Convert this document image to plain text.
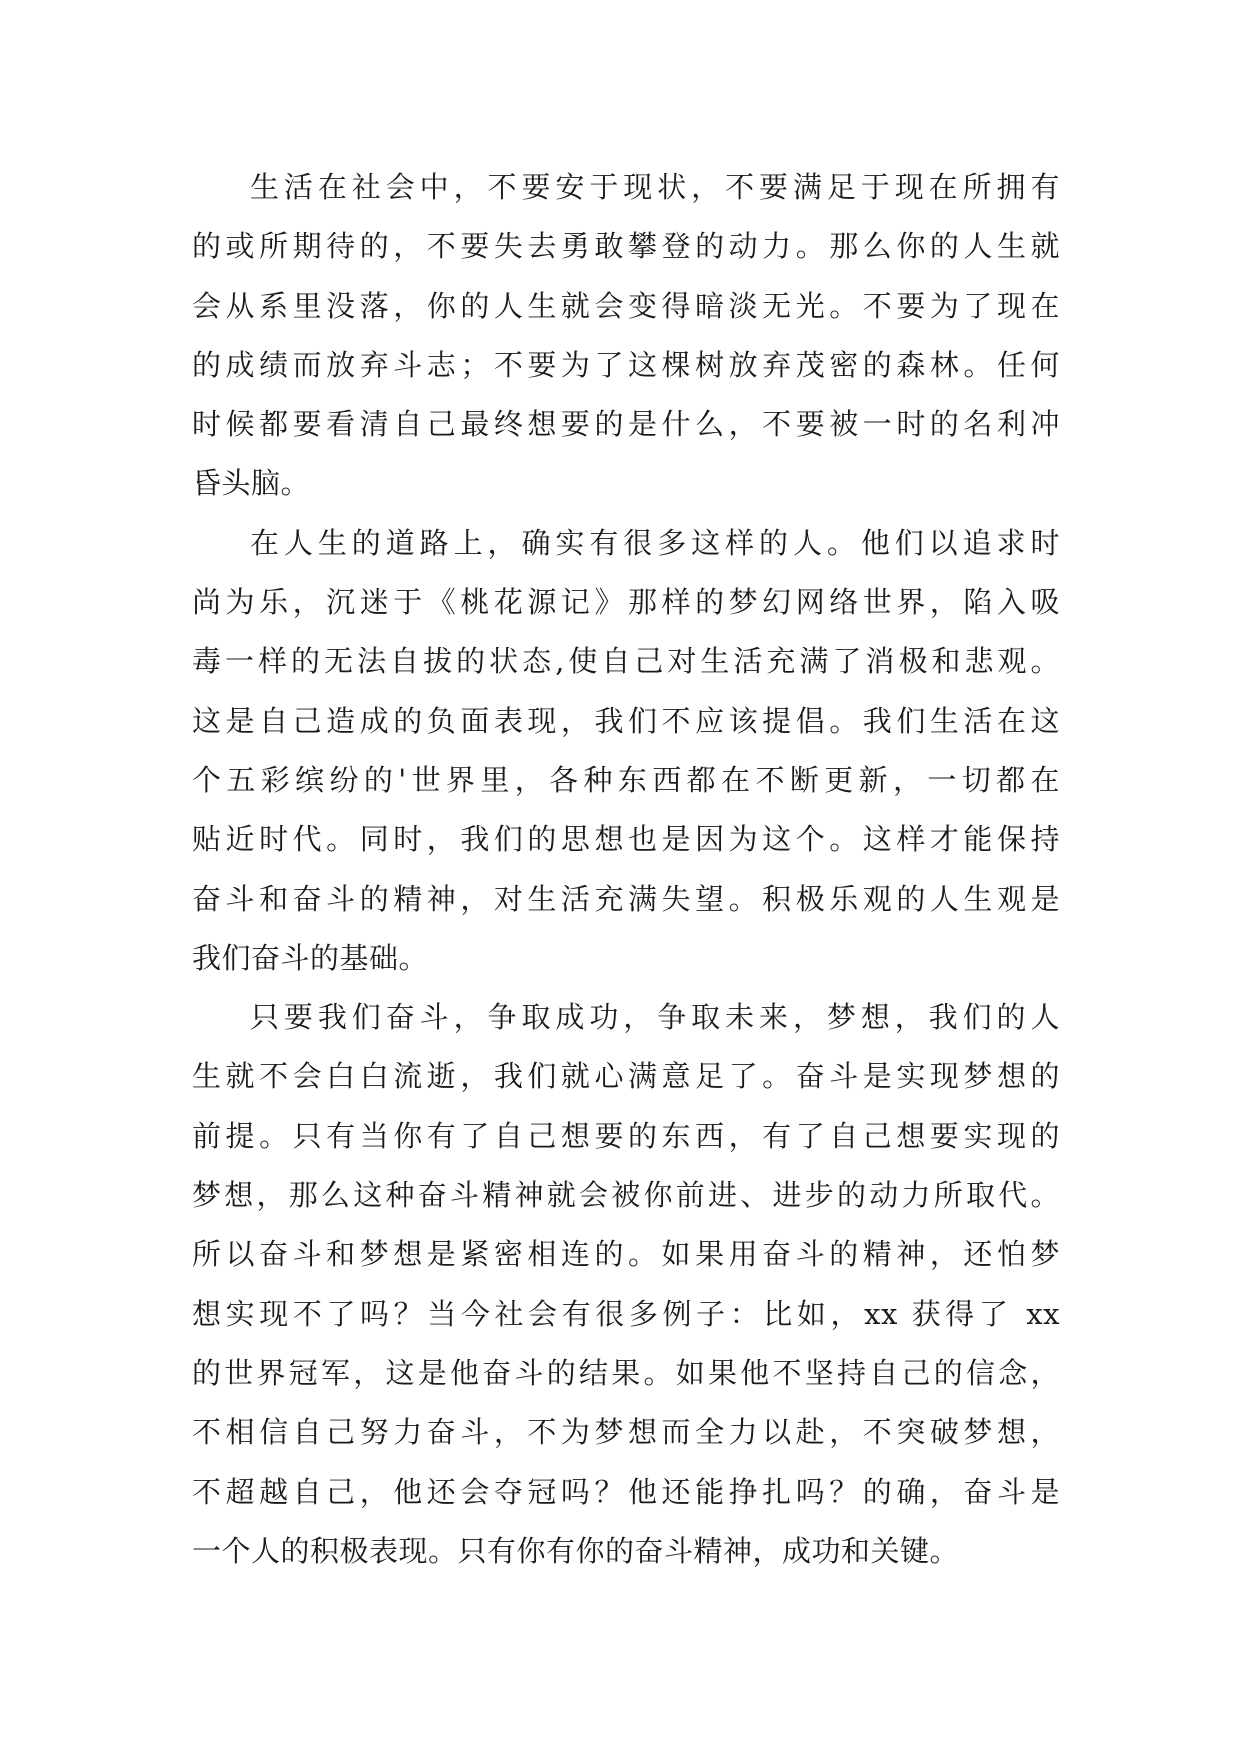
生活在社会中，不要安于现状，不要满足于现在所拥有
的或所期待的，不要失去勇敢攀登的动力。那么你的人生就
会从系里没落，你的人生就会变得暗淡无光。不要为了现在
的成绩而放弃斗志；不要为了这棵树放弃茂密的森林。任何
时候都要看清自己最终想要的是什么，不要被一时的名利冲
昏头脑。
在人生的道路上，确实有很多这样的人。他们以追求时
尚为乐，沉迷于《桃花源记》那样的梦幻网络世界，陷入吸
毒一样的无法自拔的状态,使自己对生活充满了消极和悲观。
这是自己造成的负面表现，我们不应该提倡。我们生活在这
个五彩缤纷的'世界里，各种东西都在不断更新，一切都在
贴近时代。同时，我们的思想也是因为这个。这样才能保持
奋斗和奋斗的精神，对生活充满失望。积极乐观的人生观是
我们奋斗的基础。
只要我们奋斗，争取成功，争取未来，梦想，我们的人
生就不会白白流逝，我们就心满意足了。奋斗是实现梦想的
前提。只有当你有了自己想要的东西，有了自己想要实现的
梦想，那么这种奋斗精神就会被你前进、进步的动力所取代。
所以奋斗和梦想是紧密相连的。如果用奋斗的精神，还怕梦
想实现不了吗？当今社会有很多例子：比如，xx 获得了 xx
的世界冠军，这是他奋斗的结果。如果他不坚持自己的信念，
不相信自己努力奋斗，不为梦想而全力以赴，不突破梦想，
不超越自己，他还会夺冠吗？他还能挣扎吗？的确，奋斗是
一个人的积极表现。只有你有你的奋斗精神，成功和关键。
